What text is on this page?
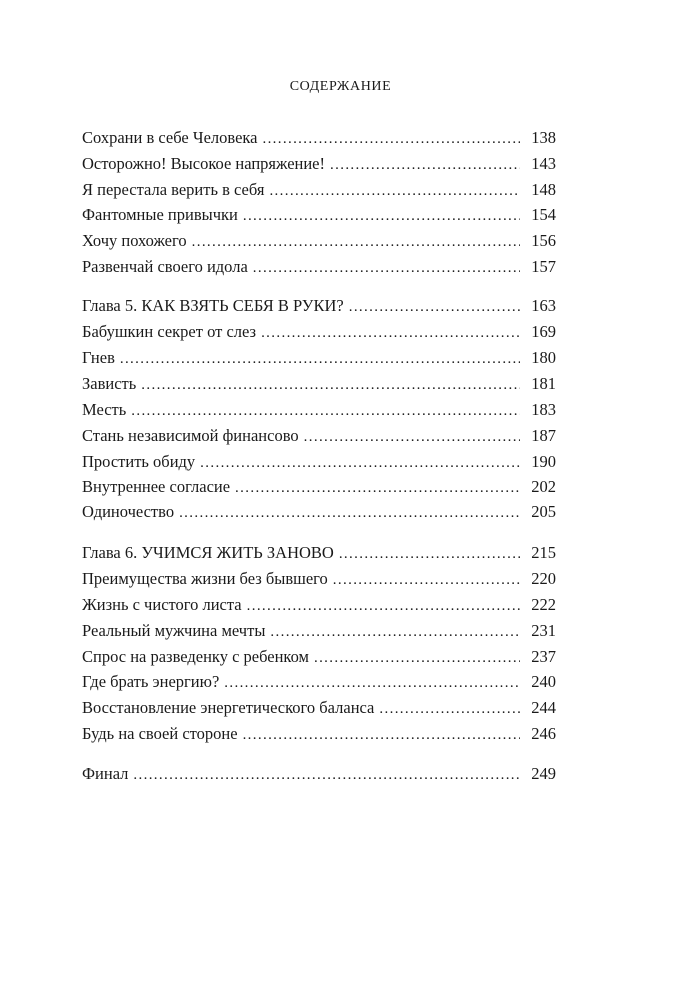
СОДЕРЖАНИЕ
Сохрани в себе Человека . . .	138
Осторожно! Высокое напряжение! . . .	143
Я перестала верить в себя . . .	148
Фантомные привычки . . .	154
Хочу похожего . . .	156
Развенчай своего идола . . .	157
Глава 5. КАК ВЗЯТЬ СЕБЯ В РУКИ? . . .	163
Бабушкин секрет от слез . . .	169
Гнев . . .	180
Зависть . . .	181
Месть . . .	183
Стань независимой финансово . . .	187
Простить обиду . . .	190
Внутреннее согласие . . .	202
Одиночество . . .	205
Глава 6. УЧИМСЯ ЖИТЬ ЗАНОВО . . .	215
Преимущества жизни без бывшего . . .	220
Жизнь с чистого листа . . .	222
Реальный мужчина мечты . . .	231
Спрос на разведенку с ребенком . . .	237
Где брать энергию? . . .	240
Восстановление энергетического баланса . . .	244
Будь на своей стороне . . .	246
Финал . . .	249
